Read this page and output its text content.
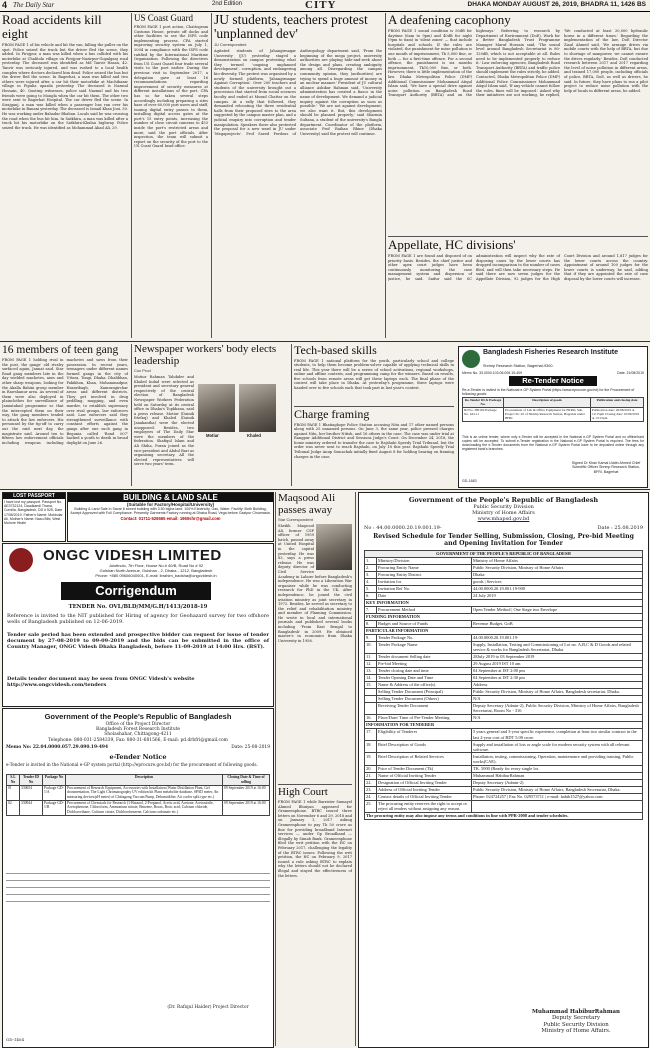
4 The Daily Star	2nd Edition	CITY	DHAKA MONDAY AUGUST 26, 2019, BHADRA 11, 1426 BS
Road accidents kill eight
FROM PAGE 1 of his vehicle and hit the van, killing the puller on the spot. Police seized the truck but the driver fled the scene, they added. In Pirojpur, a man was killed when a bus collided with his motorbike at Chalitola village on Pirojpur-Nazirpur-Gopalganj road yesterday. The deceased was identified as Md Tanvir Hasan, 42. Tanvir was seriously injured, and was rushed to a local health complex where doctors declared him dead. Police seized the bus but the driver fled the scene. In Bagerhat, a man was killed and two others were injured after a car hit their motorbike at Machibazar village in Pipulia upazila yesterday. The deceased is Nazmul Hossain, 40. Quoting witnesses, police said Nazmul and his two friends were going to Mongla when the car hit them. The other two were sent to Bagerhat Hospital. The car driver fled the scene. In Sirajganj, a man was killed when a passenger bus ran over his motorbike in Banani yesterday. The deceased is Ismail Khan Joni, 30. He was working under Bahadur Bhaban. Locals said he was crossing the road when the bus hit him. In Satkhira, a man was killed after a truck hit his motorbike on the Satkhira-Khulna highway. Police seized the truck. He was identified as Mohammad Ahad Ali, 29.
US Coast Guard
FROM PAGE 1 port action, Chattogram Customs House, private off docks and other facilities to see the ISPS code implementing process. CPA started improving security system on July 1, 2004 in compliance with the ISPS code ratified by the International Maritime Organization. Following the directives from US Coast Guard four trade several visits to the port earlier. During the previous visit in September 2017, a delegation gave at least 16 recommendations regarding improvement of security measures at different installations of the port. CPA has so far taken several steps accordingly including preparing a sites base of over 60,000 port users and staff, issuing digital entry passes to them, installing digital access gates at the port's 15 entry points, increasing the number of close circuit cameras to 453 inside the port's restricted areas and more, said the port officials. After inspection, the team will submit a report on the security of the port to the US Coast Guard head office.
JU students, teachers protest 'unplanned dev'
JU Correspondent
Agitated students of Jahangirnagar University (JU) yesterday staged a demonstration on campus protesting what they termed 'ongoing unplanned development', corruption, and endangering bio-diversity. The protest was organised by a newly formed platform, 'Jahangirnagar Against Corruption'. Over 200 teachers and students of the university brought out a procession that started from social sciences faculty and ended at Murad Chattar on the campus. At a rally that followed, they demanded relocating the three residential halls from their proposed sites to the area suggested by the campus master plan, and a judicial enquiry into corruption and tender manipulation. Speakers there also protested the proposal for a new ward in JU under 'Megaprojects'. Prof Saeed Ferdous of Anthropology department said, 'From the beginning of the mega project, university authorities are playing hide-and-seek about the design and plans, creating ambiguity among all. Disregarding the campus community opinion, they (authorities) are trying to spend a huge amount of money in an unclear manner.' President of JU cultural alliance Ashikur Rahman said, 'University administration has created a fiasco in the name of development. We demand a judicial inquiry against the corruption as soon as possible.' 'We are not against development; we also want it. But, this development should be planned properly,' said Sharmin Sultana, a student of the university's Bangla department. Coordinator of the platform, associate Prof Raihan Rhine (Dhaka University) said the protest will continue.
A deafening cacophony
FROM PAGE 1 sound condition is 50dB for daytime (6am to 9pm) and 40dB for night (9pm to 6am) in 'silent zones' — that include hospitals and schools. If the rules are violated, the punishment for noise pollution is one month of imprisonment, Tk 5,000 fine, or both — for a first-time offence. For a second offence, the punishment is six months imprisonment, Tk10,000 fine, or both. However, there is little implementation of the law. Dhaka Metropolitan Police (DMP) Additional Commissioner Mohammad Atiqul Islam said, 'We have a special drive against noise pollution on Bangladesh Road Transport Authority (BRTA) and on the highways.' Referring to research by Department of Environment (DoE), Work for a Better Bangladesh Trust Programme Manager Maruf Hossain said, 'The sound level around Bangladesh Secretariat is 80-120dB, which is not acceptable at all. Rules need to be implemented properly to reduce it.' Law enforcing agencies, Bangladesh Road Transport Authority (BRTA) and traffic police should implement the rules strictly, he added. Contacted, Dhaka Metropolitan Police (DMP) Additional Police Commissioner Mohammad Atiqul Islam said, 'If any vehicle cannot follow the rules, fines will be imposed.' Asked why their initiatives are not working, he replied, 'We conducted at least 20,000 hydraulic horns in a different times.' Regarding the implementation of the law, DoE Director Ziaul Ahmed said, 'We arrange drives via mobile courts with the help of BRTA, but due to shortage of manpower, we cannot ensure the drives regularly.' Besides, DoE conducted research between 2017 and 2017 regarding the level of noise pollution in different areas, and trained 17,000 people, including officials of police, BRTA, DoE, as well as drivers, he said. In future, they have plans to run a pilot project to reduce noise pollution with the help of locals in different areas, he added.
Appellate, HC divisions'
FROM PAGE 1 are found and disposed of on priority basis. Besides, the chief justice and other apex court judges have been continuously monitoring the case management system and dispersion of justice, he said. Saifur said the SC administration will inspect why the rate of disposing cases by the lower courts has dropped incomparison to the number of cases filed, and will then take necessary steps. He said there are now seven judges for the Appellate Division, 92 judges for the High Court Division and around 1,817 judges for the lower courts across the country. Appointment of around 100 judges for the lower courts is underway, he said, adding that if they are appointed the rate of case disposal by the lower courts will increase.
16 members of teen gang
FROM PAGE 1 holding rival in the post, the gangs' old rivalry surfaced again, Jannat said. Star Road gang members late in the day wielded machetes, axes and other sharp weapons, looking for the Akalla Bahini group member in Rawshanur area. As several of them were also deployed in plainclothes for surveillance of Jamiatabad programme so that the intercepted them on their way, the gang members tended to attack the law enforcers. His personnel by the tip-off to carry out the raid next day, the magistrate said. Around ten to fifteen law enforcement officials including weapons including machetes and saws from their possession. In recent years, teenagers under different names formed gangs in the city of Uttara, Tongi, Dhaka. Dhalibhan, Fakikhon, Khan, Mohammadpur, Hazaribagh, Kamrangirchar areas and different districts. They get involved in drug peddling, mugging, and even murder, to establish supremacy over rival groups, law enforcers said. Law enforcers said they strengthened surveillance with constant efforts against the gangs after one such gang in Begunia called 'Bond 007' hacked a youth to death in broad daylight on June 26.
Newspaper workers' body elects leadership
Cox Prod
Motiur Rahman Talukder and Khaled Indad were selected as president and secretary general respectively of the central election of Bangladesh Newspaper Workers Federation held on Saturday at its central office in Dhaka's Topkhana, said a press release. Motiur (Dainik Ittefaq) and Khaled (Dainik Janakantha) were the elected unopposed. Besides, two employees of The Daily Star were the members of the federation. Shafiqul Islam and Ali Shiha, Puran joined as the vice-president and Abdul Bari as organising secretary. All the elected representatives will serve two years' term.
Motiur	Khaled
Tech-based skills
FROM PAGE 1 national platform for the youth, particularly school and college students, to help them become problem-solver capable of applying technical skills in real life. This year there will be a series of school activations, regional workshops, online and offline contests, and programming camp for the winners. Based on results, five schools from remote areas will get these laptops each. The final phase of the contest will take place in Dhaka. At yesterday's programme, three laptops were handed over to five schools each that took part in last year's contest.
Charge framing
FROM PAGE 1 Bhatiaghope Police Station accusing Nitu and 17 other named persons along with 25 unnamed persons. On June 3, the same year, police pressed charges against Nitu, her brother Nitish, and 16 others in the case. The case was under trial at Rangpur Additional District and Sessions Judge's Court. On December 24, 2018, the home ministry ordered to transfer the case to Rajshahi Speedy Trial Tribunal, but the order was never sent to reach Rajshahi, on July 18 this year. Rajshahi Speedy Trial Tribunal Judge Anup Somachak initially fixed August 8 for holding hearing on framing charges in the case.
Bangladesh Fisheries Research Institute
Shrimp Research Station, Bagerhat-9300.
Memo No. 33.0000.103.06.009.19-409	Date: 21/08/2019
Re-Tender Notice
Re-e-Tender is invited in the National e-GP System Portal (https://www.eprocure.gov.bd) for the Procurement of following goods:
Re-Tender ID & Package No.	Description of goods	Publication and closing date
ID No. 380192 Package No. GD-11	Procurement of Lab & Office Equipment for FRRO, Sub-Project SC-10 of Shrimp Research Station, Bagerhat under BFRI	Publication date: 26/08/2019 at 12:15pm Closing date: 10/09/2019 at 13:15pm
This is an online tender, where only e-Tender will be accepted in the National e-GP System Portal and no offline/hard copies will be accepted. To submit e-Tender registration in the National e-GP System Portal is required. The fees for downloading the e-Tender documents from the National e-GP System Portal have to be deposited online through any registered bank's branches.
Signed Dr Khan Kamal Uddin Ahmed Chief Scientific Officer Shrimp Research Station, BFRI, Bagerhat
GD-1683
LOST PASSPORT
I have lost my passport. Passport No. AE3732124, Daudkandi Thana, Comilla, Bangladesh, DD # 525, Date 17/08/2019. Father's Name: Mokbular Ali, Mother's Name: Nasu Bibi, West Mohore Hirabi
BUILDING & LAND SALE
(Suitable for Factory/Hospital/University)
Building & Land Sale in Savar 6 stored building with 3.50 bigha land. 100% Electricity, Gas, Water. Facility: Both Building, Accept Approved with Full Compliance. Presently Garments Factory running at Dhaka Road, Vega before Gazipur Chowrasta.
Contact: 01711-526565 email: 1960shr@gmail.com
ONGC VIDESH LIMITED
Jolofinolo, 7th Floor, House No # 40/B, Road No # 92
Gulshan North Avenue, Gulshan - 2, Dhaka - 1212, Bangladesh
Phone: +880 09606040001, E-mail: ibrahim_badsha@ongcvidesh.in
Corrigendum
TENDER No. OVL/BLD/MM/G.H/1413/2018-19
Reference is invited to the NIT published for Hiring of agency for Geohazard survey for two offshore wells of Bangladesh published on 12-06-2019.
Tender sale period has been extended and prospective bidder can request for issue of tender document by 27-08-2019 to 09-09-2019 and the bids can be submitted in the office of Country Manager, ONGC Videsh Dhaka Bangladesh, before 11-09-2019 at 14:00 Hrs. (BST).
Details tender document may be seen from ONGC Videsh's website http://www.ongcvidesh.com/tenders
Government of the People's Republic of Bangladesh
Office of the Project Director
Bangladesh Forest Research Institute
Sholashahar, Chittagong-4211
Telephone: 880-031-2584339, Fax: 880-31-681566, E-mail: pd.drbfri@gmail.com
Memo No: 22.04.0000.057.29.090.19-494	Date: 25-08-2019
e-Tender Notice
e-Tender is invited in the National e-GP system portal (http://eprocure.gov.bd) for the procurement of following goods.
S.L No	Tender ID No	Package No	Description	Closing Date & Time of selling
01	330654	Package GD-1/A	Procurement of Research Equipment, Accessories with Installation (Water Distillation Plant, Gel documentation, The Light Chromatography UV edition kit Plant metabolite database, SPAD meter, Air measuring devices/pH meter) of Chittagong Vaccum Pump, Dehumidifier, Air cooler split type etc.)	09 September 2019 at 16:00
02	330944	Package GD-1/B	Procurement of Chemicals for Research (1-Butanol, 2-Propanol, Acetic acid, Acetone, Acetonitrile, Acetophenone, Chloroform, Ammonium nitrate, Benzene, Borax, Boric acid, Calcium chloride, Dichloroethane, Calcium citrate, Dichlorobenzene, Calcium carbonate etc.)	09 September 2019 at 16:00
(Dr. Rafiqul Haider) Project Director
GD-1404
Maqsood Ali passes away
Star Correspondent
Sheikh Maqsood Ali, former CSP officer of 1959 batch, passed away at United Hospital in the capital yesterday. He was 83, says a press release. He was deputy director of Civil Service Academy in Lahore before Bangladesh's independence. He was a Liberation War organiser while he was conducting research for PhD in the UK. After independence, he joined the civil aviation ministry as joint secretary in 1972. Besides, he served as secretary to the relief and rehabilitation ministry and member of Planning Commission. He wrote in local and international journals and published several books including 'From East Bengal to Bangladesh' in 2009. He obtained master's in economics from Dhaka University in 1956.
High Court
FROM PAGE 1 while Barrister Sumayel Ahmed Bhuiyan appeared for Grameenphone. BTRC issued three letters on November 6 and 29, 2018 and on January 1, 2017 asking Grameenphone to pay Tk 50 crore as fine for providing broadband Internet services — under Gp Broadband — illegally by Simab Bank. Grameenphone filed the writ petition with the HC on February 2017, challenging the legality of the BTRC issues. Following the writ petition, the HC on February 9, 2017 issued a rule asking BTRC to explain why the letters should not be declared illegal and stayed the effectiveness of the letters.
Government of the People's Republic of Bangladesh
Public Security Division
Ministry of Home Affairs
www.mhapsd.gov.bd
No : 44.00.0000.20.19.001.19-	Date : 25.08.2019
Revised Schedule for Tender Selling, Submission, Closing, Pre-bid Meeting and Opening Invitation for Tender
GOVERNMENT OF THE PEOPLE'S REPUBLIC OF BANGLADESH		
1.	Ministry/Division	Ministry of Home Affairs
2.	Procuring Entity Name	Public Security Division, Ministry of Home Affairs
3.	Procuring Entity District	Dhaka
4.	Invitation for	goods | Services
5.	Invitation Ref No.	44.00.0000.20.19.001.19-900
6.	Date	24 July 2019
KEY INFORMATION		
7.	Procurement Method	Open Tender Method | One Stage two Envelope
FUNDING INFORMATION		
8.	Budget and Source of Funds	Revenue Budget, GoB
PARTICULAR INFORMATION		
9.	Tender Package No.	44.00.0000.20.19.001.19-
10.	Tender Package Name	Supply, Installation, Testing and Commissioning of Lot no. A,B,C & D Goods and related service & works for Bangladesh Secretariat, Dhaka.
11.	Tender document Selling date	28July 2019 to 03 September 2019
12.	Pre-bid Meeting	29 August 2019 IST 10 am
13.	Tender closing date and time	04 September at IST 2:00 pm
14.	Tender Opening Date and Time	04 September at IST 2:30 pm
15.	Name & Address of the office(s)	Address
	Selling Tender Document (Principal)	Public Security Division, Ministry of Home Affairs, Bangladesh secretariat, Dhaka.
	Selling Tender Document (Others)	N/A
	Receiving Tender Document	Deputy Secretary (Admin-2), Public Security Division, Ministry of Home Affairs, Bangladesh Secretariat, Room No - 316
16.	Place/Date/ Time of Pre-Tender Meeting	N/A
INFORMATION FOR TENDERER		
17.	Eligibility of Tenderer	5 years general and 3-year specific experience, completion at least two similar contract in the last 2-year cost of BDT 5.00 crore.
18.	Brief Description of Goods	Supply and installation of lots or angle scale for modern security system with all relevant software.
19.	Brief Description of Related Services	Installation, testing, commissioning, Operation, maintenance and providing training, Public works(CAE).
20.	Price of Tender Document (Tk)	TK. 5000 (Ready for every single lot.
21.	Name of Official Inviting Tender	Muhammad HabiburRahman
22.	Designation of Official Inviting Tender	Deputy Secretary (Admin-2)
23.	Address of Official Inviting Tender	Public Security Division, Ministry of Home Affairs, Bangladesh Secretariat, Dhaka.
24.	Contact details of Official Inviting Tender	Phone: 024724257 | Fax No. 029573711 | e-mail: habib1527@yahoo.com
25.	The procuring entity reserves the right to accept or reject all tenders without assigning any reason.	
The procuring entity may also impose any terms and conditions in line with PPR-2008 and tender schedules.		
Muhammad HabiburRahman
Deputy Secretary
Public Security Division
Ministry of Home Affairs.
